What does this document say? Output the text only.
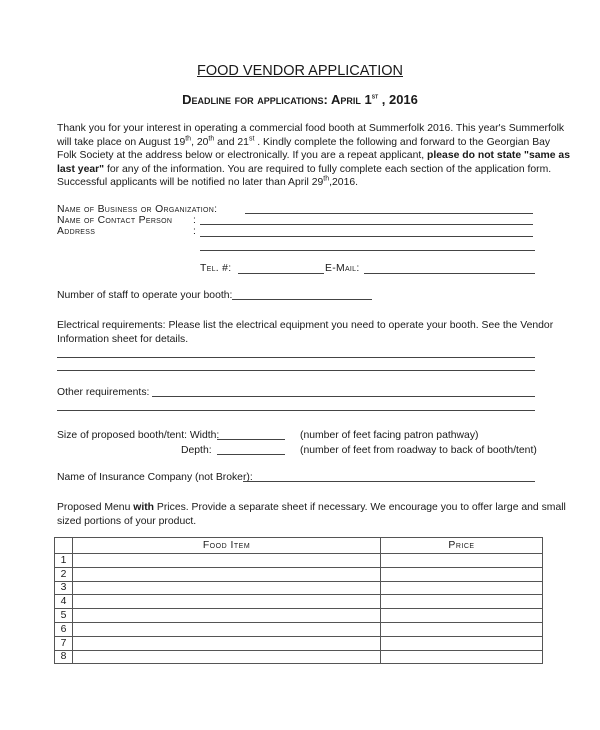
FOOD VENDOR APPLICATION
Deadline for applications: April 1st , 2016
Thank you for your interest in operating a commercial food booth at Summerfolk 2016. This year's Summerfolk
will take place on August 19th, 20th and 21st . Kindly complete the following and forward to the Georgian Bay
Folk Society at the address below or electronically. If you are a repeat applicant, please do not state "same as
last year" for any of the information. You are required to fully complete each section of the application form.
Successful applicants will be notified no later than April 29th,2016.
Name of Business or Organization:
Name of Contact Person :
Address	:
Tel. #:	E-Mail:
Number of staff to operate your booth:
Electrical requirements: Please list the electrical equipment you need to operate your booth. See the Vendor
Information sheet for details.
Other requirements:
Size of proposed booth/tent: Width:	(number of feet facing patron pathway)
Depth:	(number of feet from roadway to back of booth/tent)
Name of Insurance Company (not Broker):
Proposed Menu with Prices. Provide a separate sheet if necessary. We encourage you to offer large and small
sized portions of your product.
	Food Item	Price
1		
2		
3		
4		
5		
6		
7		
8		
